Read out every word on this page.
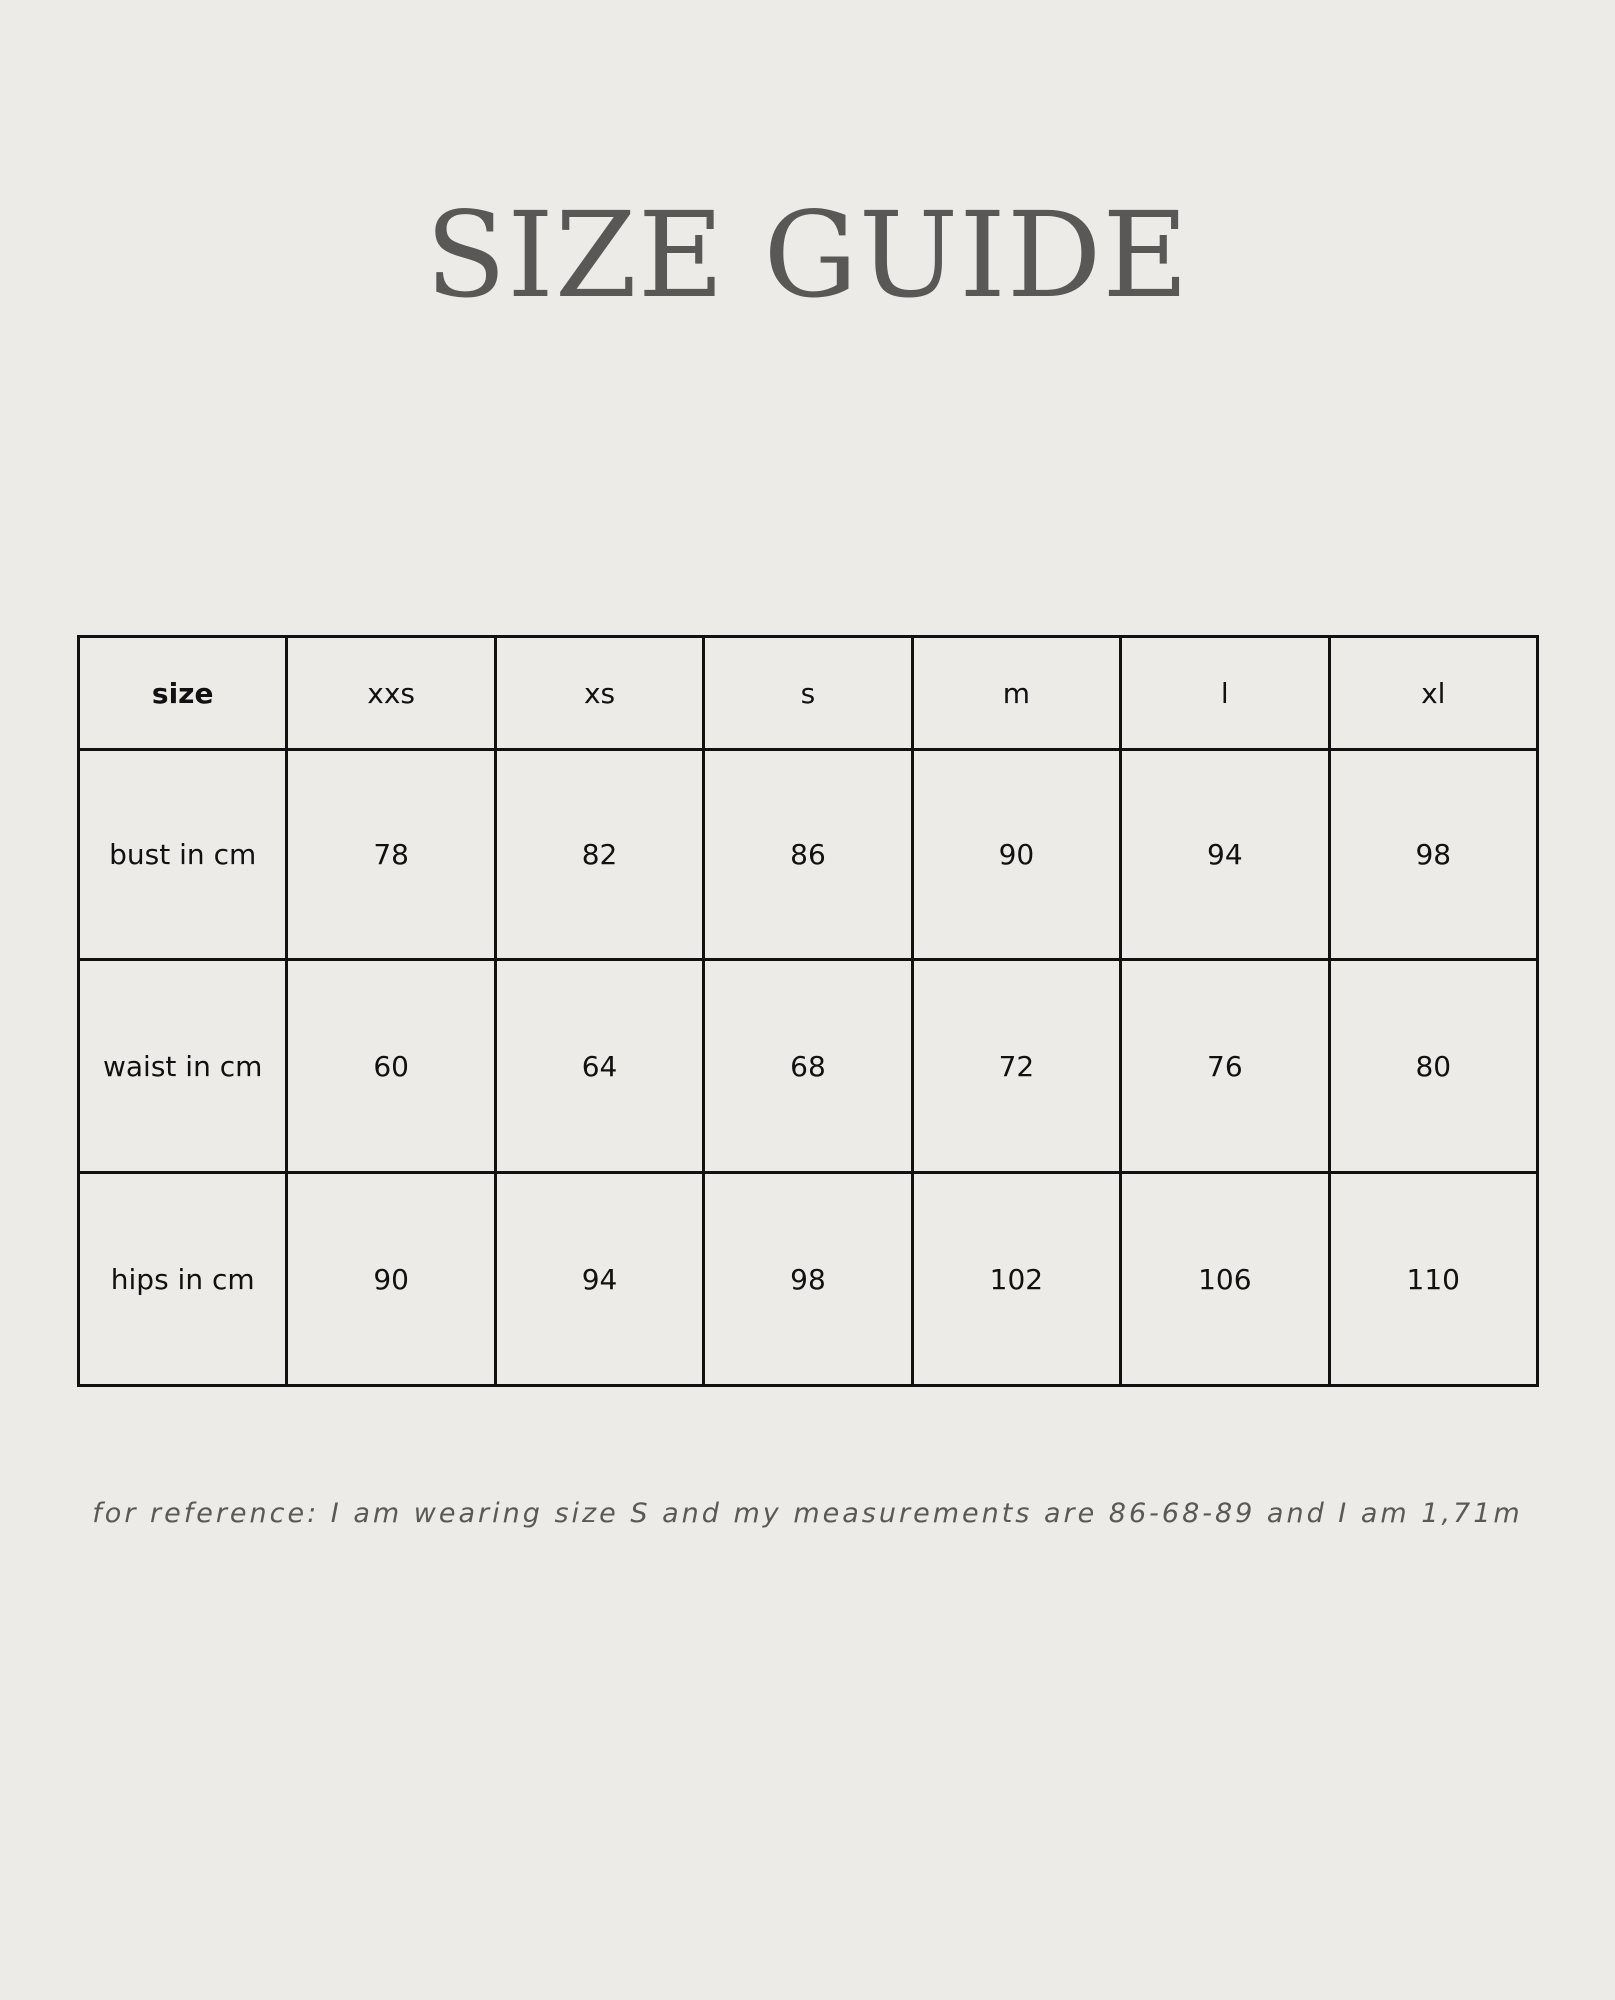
SIZE GUIDE
size	xxs	xs	s	m	l	xl
bust in cm	78	82	86	90	94	98
waist in cm	60	64	68	72	76	80
hips in cm	90	94	98	102	106	110

for reference: I am wearing size S and my measurements are 86-68-89 and I am 1,71m
